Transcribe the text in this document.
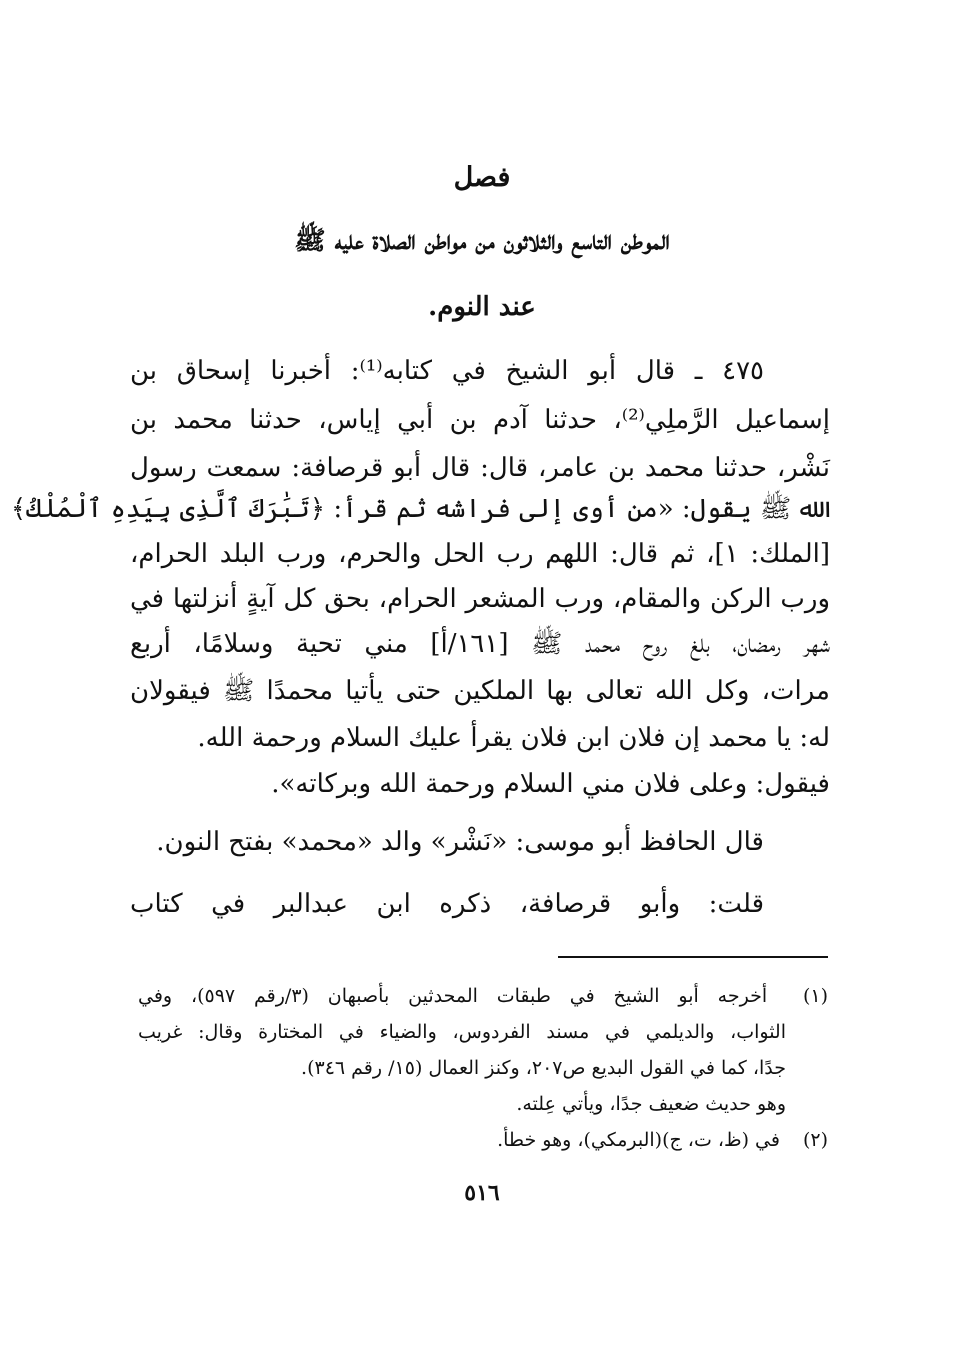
فصل
الموطن التاسع والثلاثون من مواطن الصلاة عليه ﷺ
عند النوم.
٤٧٥ ـ قال أبو الشيخ في كتابه⁽¹⁾: أخبرنا إسحاق بن
إسماعيل الرَّملِي⁽²⁾، حدثنا آدم بن أبي إياس، حدثنا محمد بن
نَشْر، حدثنا محمد بن عامر، قال: قال أبو قرصافة: سمعت رسول
الله ﷺ يقول: «من أوى إلى فراشه ثم قرأ: ﴿تَبَٰرَكَ ٱلَّذِى بِيَدِهِ ٱلْمُلْكُ﴾
[الملك: ١]، ثم قال: اللهم رب الحل والحرم، ورب البلد الحرام،
ورب الركن والمقام، ورب المشعر الحرام، بحق كل آيةٍ أنزلتها في
شهر رمضان، بلغ روح محمد ﷺ [١٦١/أ] مني تحية وسلامًا، أربع
مرات، وكل الله تعالى بها الملكين حتى يأتيا محمدًا ﷺ فيقولان
له: يا محمد إن فلان ابن فلان يقرأ عليك السلام ورحمة الله.
فيقول: وعلى فلان مني السلام ورحمة الله وبركاته».
قال الحافظ أبو موسى: «نَشْر» والد «محمد» بفتح النون.
قلت: وأبو قرصافة، ذكره ابن عبدالبر في كتاب
(١) أخرجه أبو الشيخ في طبقات المحدثين بأصبهان (٣/رقم ٥٩٧)، وفي
الثواب، والديلمي في مسند الفردوس، والضياء في المختارة وقال: غريب
جدًا، كما في القول البديع ص٢٠٧، وكنز العمال (١٥/ رقم ٣٤٦).
وهو حديث ضعيف جدًا، ويأتي عِلته.
(٢) في (ظ، ت، ج)(البرمكي)، وهو خطأ.
٥١٦
